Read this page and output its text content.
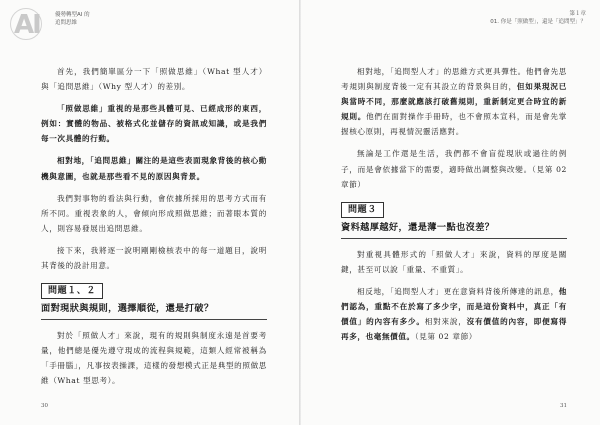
AI	優勢轉型AI 的
追問思維

首先，我們簡單區分一下「照做思維」（What 型人才）與「追問思維」（Why 型人才）的差別。

「照做思維」重視的是那些具體可見、已經成形的東西，例如：實體的物品、被格式化並儲存的資訊或知識，或是我們每一次具體的行動。

相對地，「追問思維」關注的是這些表面現象背後的核心動機與意圖，也就是那些看不見的原因與背景。

我們對事物的看法與行動，會依據所採用的思考方式而有所不同。重視表象的人，會傾向形成照做思維；而著眼本質的人，則容易發展出追問思維。

接下來，我將逐一說明剛剛檢核表中的每一道題目，說明其背後的設計用意。

問題１、２
面對現狀與規則，選擇順從，還是打破？

對於「照做人才」來說，現有的規則與制度永遠是首要考量，他們總是優先遵守現成的流程與規範，這類人經常被稱為「手冊腦」，凡事按表操課，這樣的發想模式正是典型的照做思維（What 型思考）。

30
第１章
01. 你是「照做型」，還是「追問型」？

相對地，「追問型人才」的思維方式更具彈性。他們會先思考規則與制度背後一定有其設立的背景與目的，但如果現況已與當時不同，那麼就應該打破舊規則，重新制定更合時宜的新規則。他們在面對操作手冊時，也不會照本宣科，而是會先掌握核心原則，再視情況靈活應對。

無論是工作還是生活，我們都不會盲從現狀或過往的例子，而是會依據當下的需要，適時做出調整與改變。（見第 02 章節）

問題３
資料越厚越好，還是薄一點也沒差？

對重視具體形式的「照做人才」來說，資料的厚度是關鍵，甚至可以說「重量、不重質」。

相反地，「追問型人才」更在意資料背後所傳達的訊息，他們認為，重點不在於寫了多少字，而是這份資料中，真正「有價值」的內容有多少。相對來說，沒有價值的內容，即便寫得再多，也毫無價值。（見第 02 章節）

31
